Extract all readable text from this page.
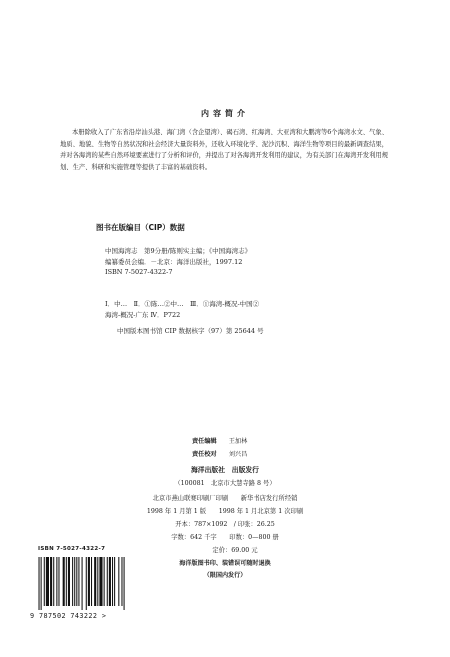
内容简介
本册除收入了广东省沿岸汕头港、海门湾（含企望湾）、碣石湾、红海湾、大亚湾和大鹏湾等6个海湾水文、气象、地质、地貌、生物等自然状况和社会经济大量资料外，还收入环境化学、泥沙沉积、海洋生物等项目的最新调查结果，并对各海湾的某些自然环境要素进行了分析和评价，并提出了对各海湾开发利用的建议，为有关部门在海湾开发利用规划、生产、科研和实施管理等提供了丰富的基础资料。
图书在版编目（CIP）数据
中国海湾志　第9分册/陈则实主编；《中国海湾志》
编纂委员会编．－北京：海洋出版社，1997.12
ISBN 7-5027-4322-7
Ⅰ．中…　Ⅱ．①陈…②中…　Ⅲ．①海湾-概况-中国②
海湾-概况-广东 Ⅳ．P722
中国版本图书馆 CIP 数据核字（97）第 25644 号
责任编辑 王加林
责任校对 刘兴昌
海洋出版社　出版发行
（100081　北京市大慧寺路 8 号）
北京市燕山联赛印刷厂印刷　　新华书店发行所经销
1998 年 1 月第 1 版　　1998 年 1 月北京第 1 次印刷
开本：787×1092　/ 印张：26.25
字数：642 千字　　印数：0—800 册
定价：69.00 元
海洋版图书印、装错误可随时退换
（限国内发行）
ISBN 7-5027-4322-7
9 787502 743222 >
